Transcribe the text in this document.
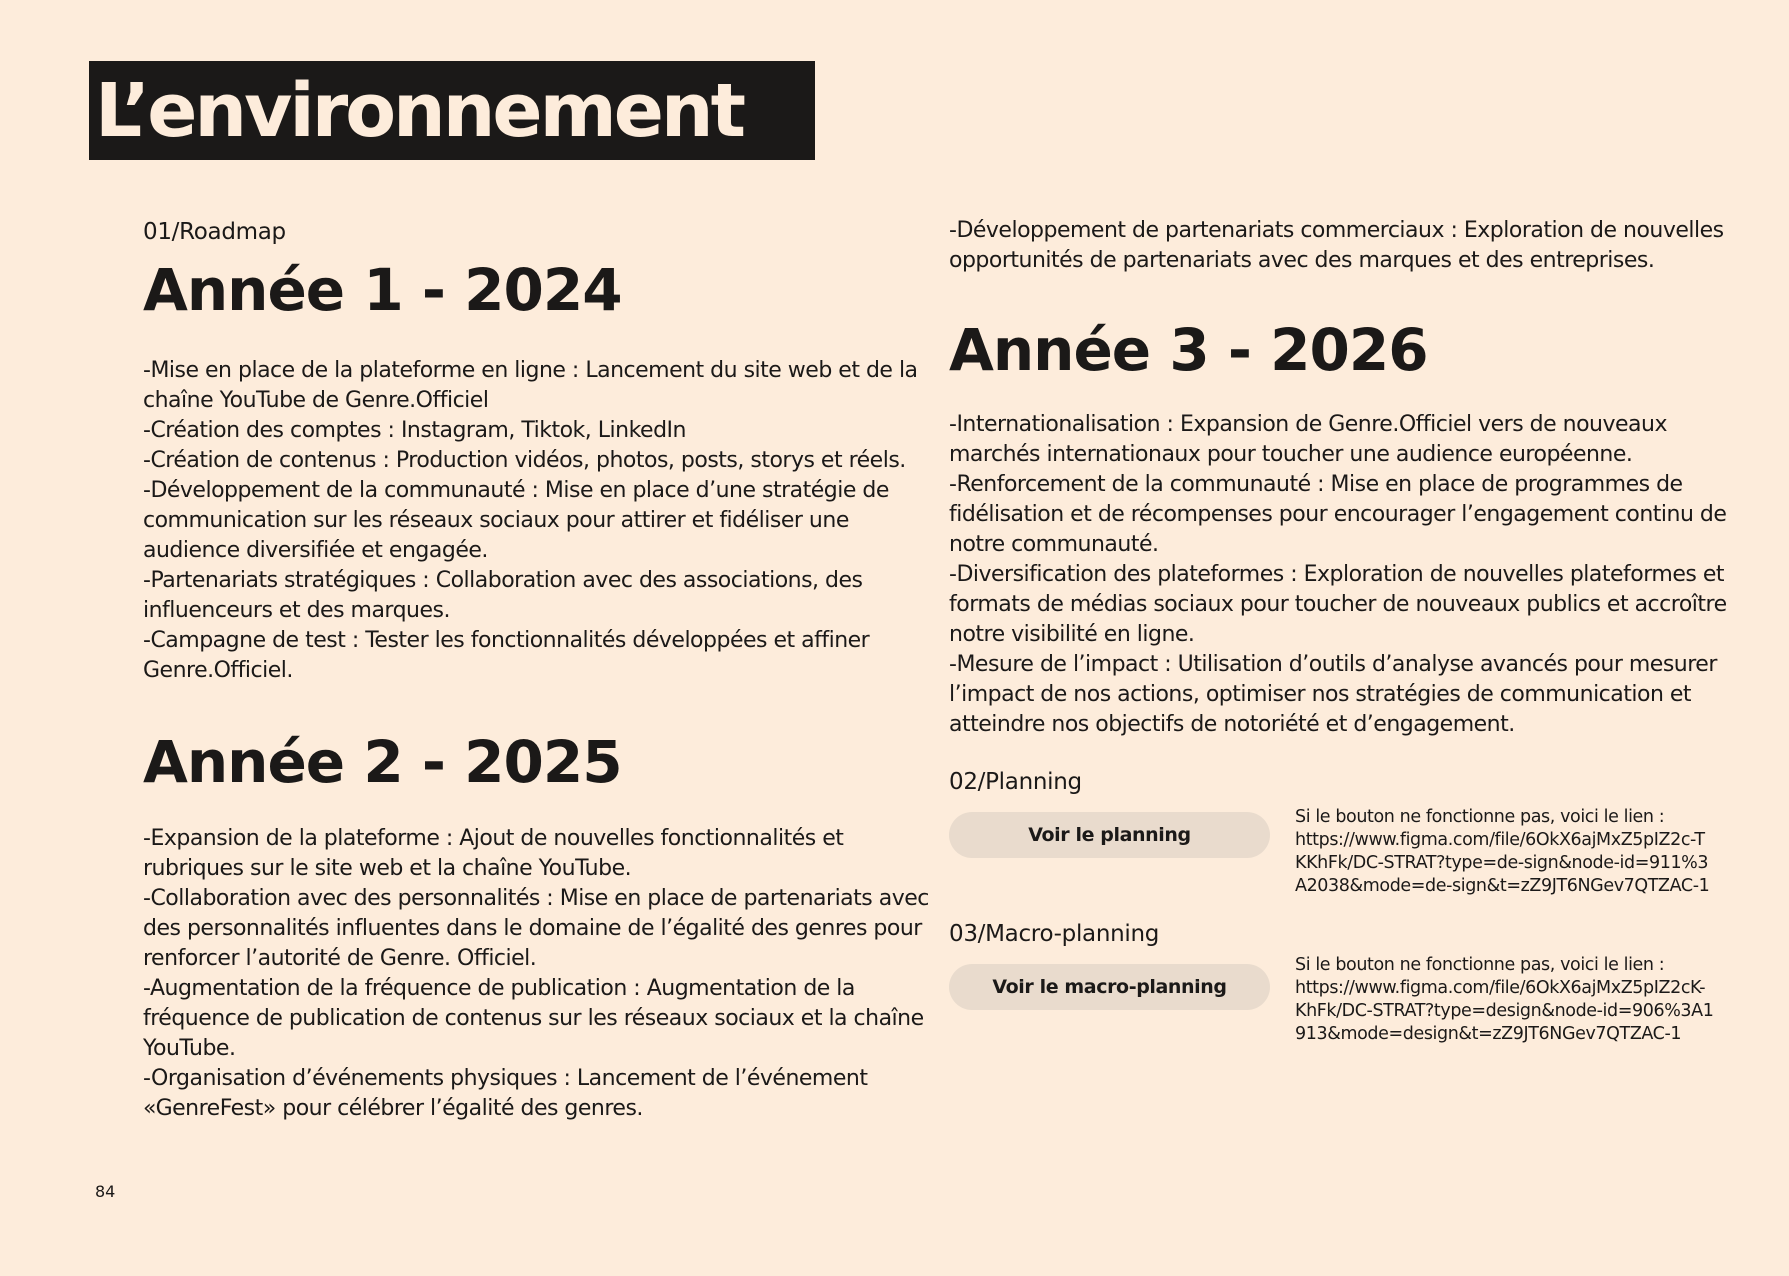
L’environnement
01/Roadmap
Année 1 - 2024

-Mise en place de la plateforme en ligne : Lancement du site web et de la chaîne YouTube de Genre.Officiel

-Création des comptes : Instagram, Tiktok, LinkedIn

-Création de contenus : Production vidéos, photos, posts, storys et réels.

-Développement de la communauté : Mise en place d’une stratégie de communication sur les réseaux sociaux pour attirer et fidéliser une audience diversifiée et engagée.

-Partenariats stratégiques : Collaboration avec des associations, des influenceurs et des marques.

-Campagne de test : Tester les fonctionnalités développées et affiner Genre.Officiel.

Année 2 - 2025

-Expansion de la plateforme : Ajout de nouvelles fonctionnalités et rubriques sur le site web et la chaîne YouTube.

-Collaboration avec des personnalités : Mise en place de partenariats avec des personnalités influentes dans le domaine de l’égalité des genres pour renforcer l’autorité de Genre. Officiel.

-Augmentation de la fréquence de publication : Augmentation de la fréquence de publication de contenus sur les réseaux sociaux et la chaîne YouTube.

-Organisation d’événements physiques : Lancement de l’événement «GenreFest» pour célébrer l’égalité des genres.

-Développement de partenariats commerciaux : Exploration de nouvelles opportunités de partenariats avec des marques et des entreprises.

Année 3 - 2026

-Internationalisation : Expansion de Genre.Officiel vers de nouveaux marchés internationaux pour toucher une audience européenne.

-Renforcement de la communauté : Mise en place de programmes de fidélisation et de récompenses pour encourager l’engagement continu de notre communauté.

-Diversification des plateformes : Exploration de nouvelles plateformes et formats de médias sociaux pour toucher de nouveaux publics et accroître notre visibilité en ligne.

-Mesure de l’impact : Utilisation d’outils d’analyse avancés pour mesurer l’impact de nos actions, optimiser nos stratégies de communication et atteindre nos objectifs de notoriété et d’engagement.

02/Planning
Voir le planning
Si le bouton ne fonctionne pas, voici le lien :
https://www.figma.com/file/6OkX6ajMxZ5pIZ2c-TKKhFk/DC-STRAT?type=de-sign&node-id=911%3A2038&mode=de-sign&t=zZ9JT6NGev7QTZAC-1
03/Macro-planning
Voir le macro-planning
Si le bouton ne fonctionne pas, voici le lien :
https://www.figma.com/file/6OkX6ajMxZ5pIZ2cK-KhFk/DC-STRAT?type=design&node-id=906%3A1913&mode=design&t=zZ9JT6NGev7QTZAC-1
84
